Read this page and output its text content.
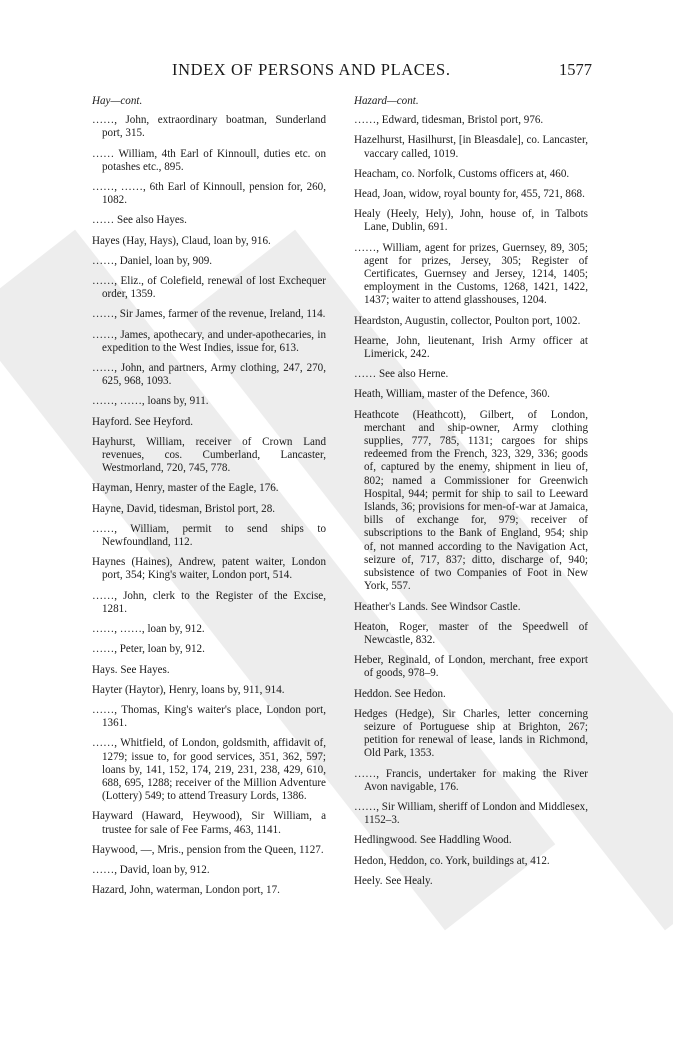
INDEX OF PERSONS AND PLACES.	1577
Hay—cont.
……, John, extraordinary boatman, Sunderland port, 315.
…… William, 4th Earl of Kinnoull, duties etc. on potashes etc., 895.
……, ……, 6th Earl of Kinnoull, pension for, 260, 1082.
…… See also Hayes.
Hayes (Hay, Hays), Claud, loan by, 916.
……, Daniel, loan by, 909.
……, Eliz., of Colefield, renewal of lost Exchequer order, 1359.
……, Sir James, farmer of the revenue, Ireland, 114.
……, James, apothecary, and under-apothecaries, in expedition to the West Indies, issue for, 613.
……, John, and partners, Army clothing, 247, 270, 625, 968, 1093.
……, ……, loans by, 911.
Hayford. See Heyford.
Hayhurst, William, receiver of Crown Land revenues, cos. Cumberland, Lancaster, Westmorland, 720, 745, 778.
Hayman, Henry, master of the Eagle, 176.
Hayne, David, tidesman, Bristol port, 28.
……, William, permit to send ships to Newfoundland, 112.
Haynes (Haines), Andrew, patent waiter, London port, 354; King's waiter, London port, 514.
……, John, clerk to the Register of the Excise, 1281.
……, ……, loan by, 912.
……, Peter, loan by, 912.
Hays. See Hayes.
Hayter (Haytor), Henry, loans by, 911, 914.
……, Thomas, King's waiter's place, London port, 1361.
……, Whitfield, of London, goldsmith, affidavit of, 1279; issue to, for good services, 351, 362, 597; loans by, 141, 152, 174, 219, 231, 238, 429, 610, 688, 695, 1288; receiver of the Million Adventure (Lottery) 549; to attend Treasury Lords, 1386.
Hayward (Haward, Heywood), Sir William, a trustee for sale of Fee Farms, 463, 1141.
Haywood, —, Mris., pension from the Queen, 1127.
……, David, loan by, 912.
Hazard, John, waterman, London port, 17.
Hazard—cont.
……, Edward, tidesman, Bristol port, 976.
Hazelhurst, Hasilhurst, [in Bleasdale], co. Lancaster, vaccary called, 1019.
Heacham, co. Norfolk, Customs officers at, 460.
Head, Joan, widow, royal bounty for, 455, 721, 868.
Healy (Heely, Hely), John, house of, in Talbots Lane, Dublin, 691.
……, William, agent for prizes, Guernsey, 89, 305; agent for prizes, Jersey, 305; Register of Certificates, Guernsey and Jersey, 1214, 1405; employment in the Customs, 1268, 1421, 1422, 1437; waiter to attend glasshouses, 1204.
Heardston, Augustin, collector, Poulton port, 1002.
Hearne, John, lieutenant, Irish Army officer at Limerick, 242.
…… See also Herne.
Heath, William, master of the Defence, 360.
Heathcote (Heathcott), Gilbert, of London, merchant and ship-owner, Army clothing supplies, 777, 785, 1131; cargoes for ships redeemed from the French, 323, 329, 336; goods of, captured by the enemy, shipment in lieu of, 802; named a Commissioner for Greenwich Hospital, 944; permit for ship to sail to Leeward Islands, 36; provisions for men-of-war at Jamaica, bills of exchange for, 979; receiver of subscriptions to the Bank of England, 954; ship of, not manned according to the Navigation Act, seizure of, 717, 837; ditto, discharge of, 940; subsistence of two Companies of Foot in New York, 557.
Heather's Lands. See Windsor Castle.
Heaton, Roger, master of the Speedwell of Newcastle, 832.
Heber, Reginald, of London, merchant, free export of goods, 978–9.
Heddon. See Hedon.
Hedges (Hedge), Sir Charles, letter concerning seizure of Portuguese ship at Brighton, 267; petition for renewal of lease, lands in Richmond, Old Park, 1353.
……, Francis, undertaker for making the River Avon navigable, 176.
……, Sir William, sheriff of London and Middlesex, 1152–3.
Hedlingwood. See Haddling Wood.
Hedon, Heddon, co. York, buildings at, 412.
Heely. See Healy.
